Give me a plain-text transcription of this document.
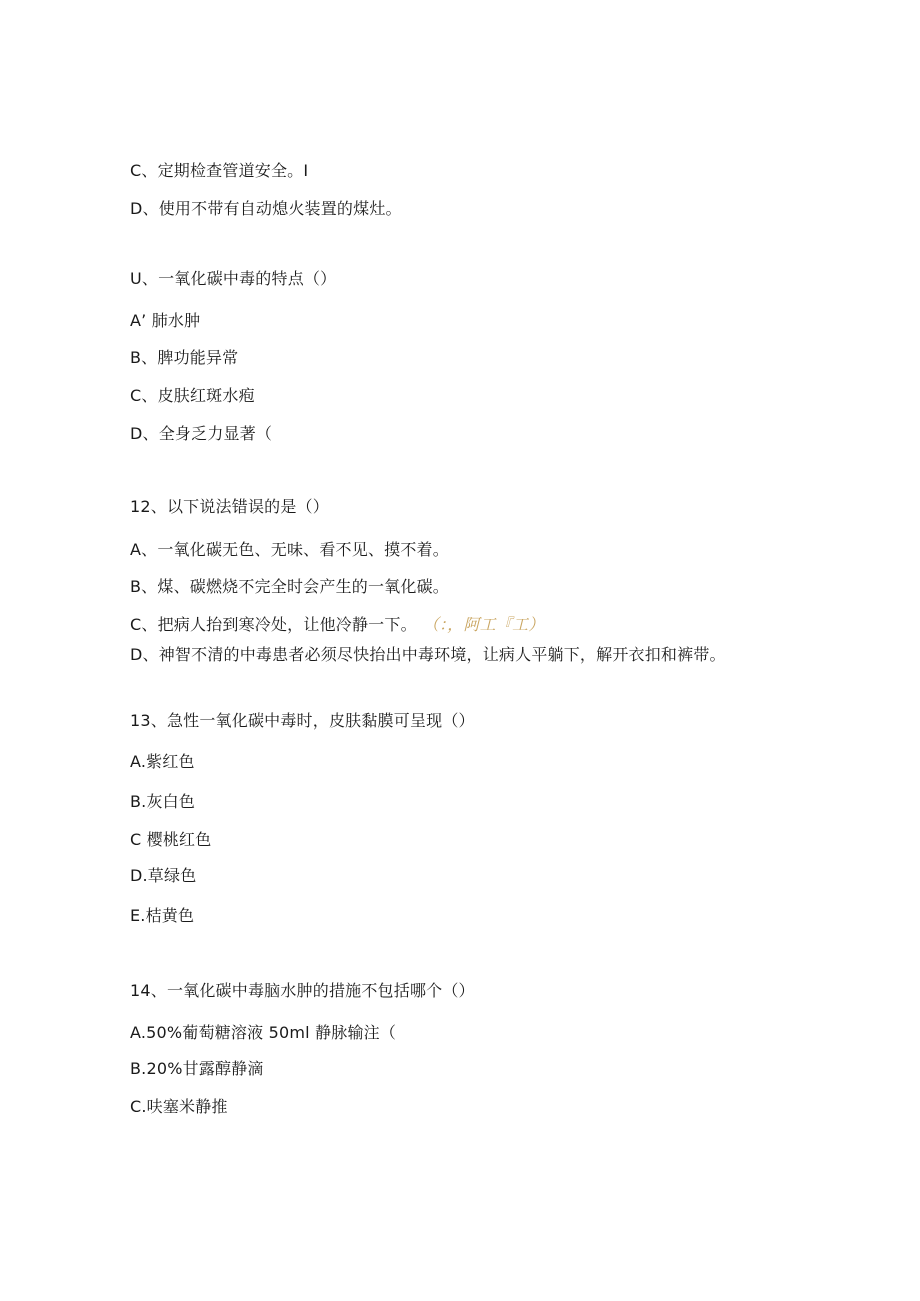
C、定期检查管道安全。I
D、使用不带有自动熄火装置的煤灶。
U、一氧化碳中毒的特点（）
A’ 肺水肿
B、脾功能异常
C、皮肤红斑水疱
D、全身乏力显著（
12、以下说法错误的是（）
A、一氧化碳无色、无味、看不见、摸不着。
B、煤、碳燃烧不完全时会产生的一氧化碳。
C、把病人抬到寒冷处，让他冷静一下。 （：，阿工『工）
D、神智不清的中毒患者必须尽快抬出中毒环境，让病人平躺下，解开衣扣和裤带。
13、急性一氧化碳中毒时，皮肤黏膜可呈现（）
A.紫红色
B.灰白色
C 樱桃红色
D.草绿色
E.桔黄色
14、一氧化碳中毒脑水肿的措施不包括哪个（）
A.50%葡萄糖溶液 50ml 静脉输注（
B.20%甘露醇静滴
C.呋塞米静推
